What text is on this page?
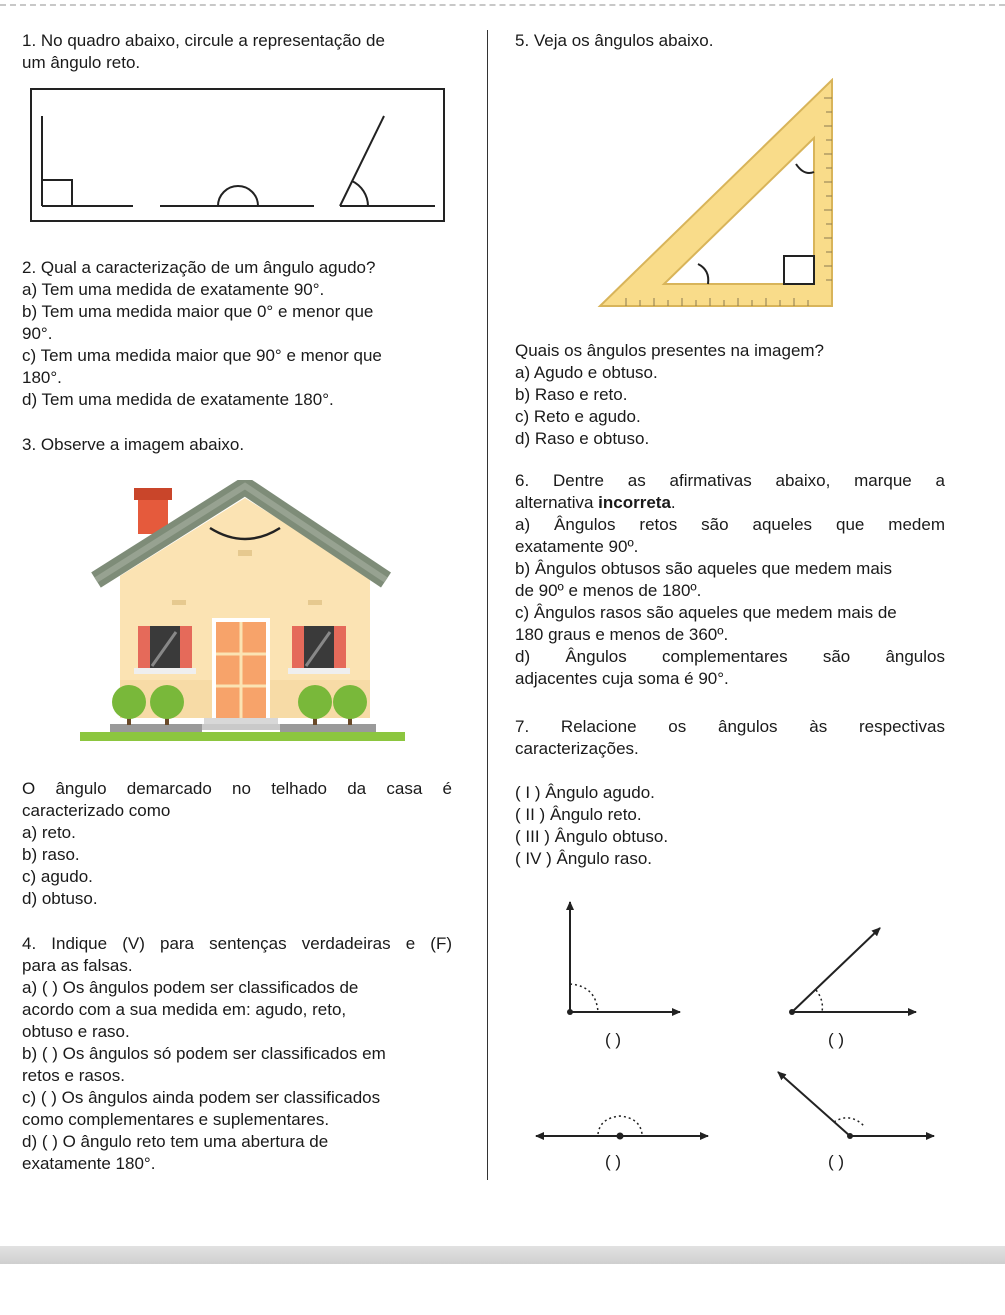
1. No quadro abaixo, circule a representação de
um ângulo reto.
2. Qual a caracterização de um ângulo agudo?
a) Tem uma medida de exatamente 90°.
b) Tem uma medida maior que 0° e menor que
90°.
c) Tem uma medida maior que 90° e menor que
180°.
d) Tem uma medida de exatamente 180°.
3. Observe a imagem abaixo.
O ângulo demarcado no telhado da casa é
caracterizado como
a) reto.
b) raso.
c) agudo.
d) obtuso.
4. Indique (V) para sentenças verdadeiras e (F)
para as falsas.
a) ( ) Os ângulos podem ser classificados de
acordo com a sua medida em: agudo, reto,
obtuso e raso.
b) ( ) Os ângulos só podem ser classificados em
retos e rasos.
c) ( ) Os ângulos ainda podem ser classificados
como complementares e suplementares.
d) ( ) O ângulo reto tem uma abertura de
exatamente 180°.
5. Veja os ângulos abaixo.
Quais os ângulos presentes na imagem?
a) Agudo e obtuso.
b) Raso e reto.
c) Reto e agudo.
d) Raso e obtuso.
6. Dentre as afirmativas abaixo, marque a
alternativa incorreta.
a) Ângulos retos são aqueles que medem
exatamente 90º.
b) Ângulos obtusos são aqueles que medem mais
de 90º e menos de 180º.
c) Ângulos rasos são aqueles que medem mais de
180 graus e menos de 360º.
d) Ângulos complementares são ângulos
adjacentes cuja soma é 90°.
7. Relacione os ângulos às respectivas
caracterizações.
( I ) Ângulo agudo.
( II ) Ângulo reto.
( III ) Ângulo obtuso.
( IV ) Ângulo raso.
( )	( )
( )	( )
